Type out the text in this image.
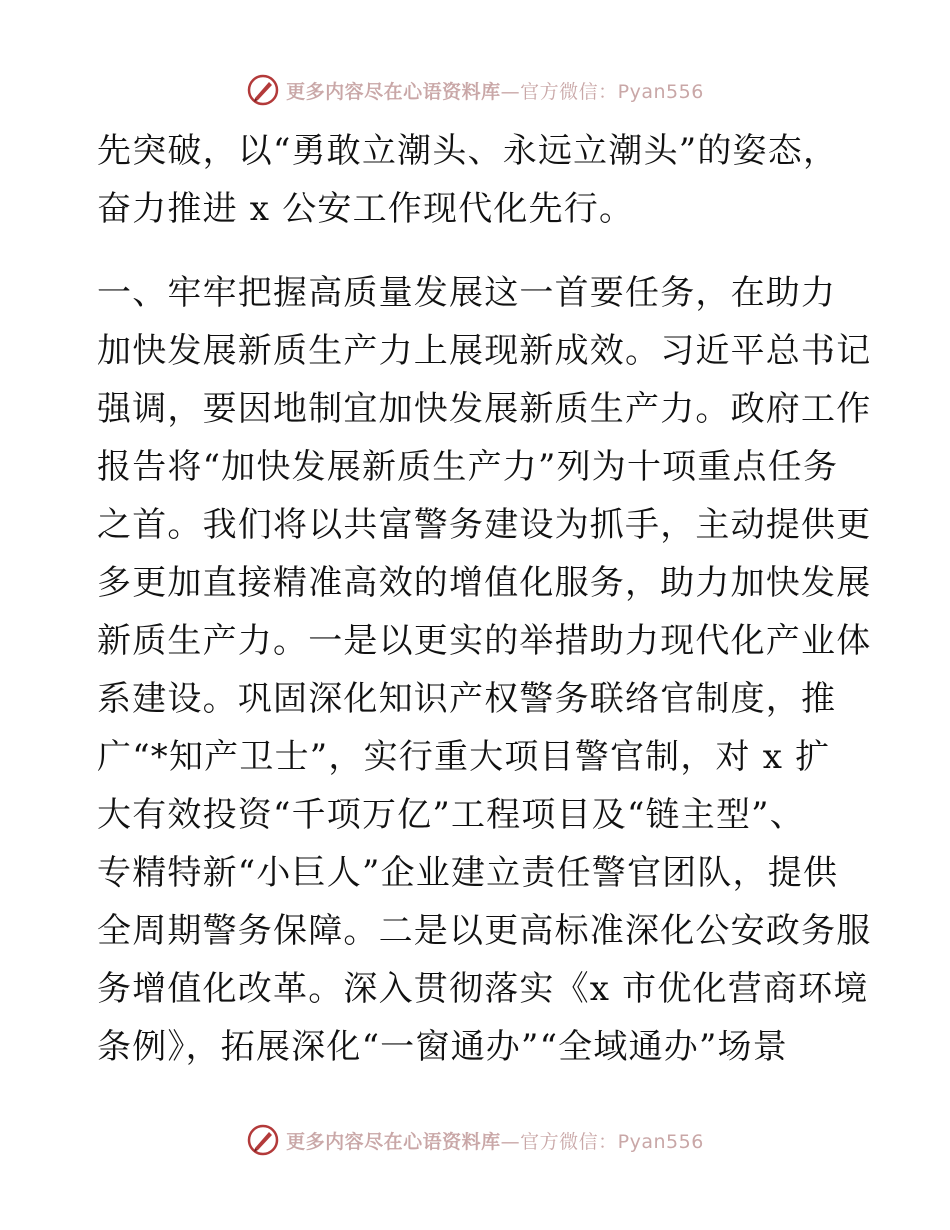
更多内容尽在心语资料库—官方微信：Pyan556
先突破，以“勇敢立潮头、永远立潮头”的姿态，
奋力推进 x 公安工作现代化先行。
一、牢牢把握高质量发展这一首要任务，在助力
加快发展新质生产力上展现新成效。习近平总书记
强调，要因地制宜加快发展新质生产力。政府工作
报告将“加快发展新质生产力”列为十项重点任务
之首。我们将以共富警务建设为抓手，主动提供更
多更加直接精准高效的增值化服务，助力加快发展
新质生产力。一是以更实的举措助力现代化产业体
系建设。巩固深化知识产权警务联络官制度，推
广“*知产卫士”，实行重大项目警官制，对 x 扩
大有效投资“千项万亿”工程项目及“链主型”、
专精特新“小巨人”企业建立责任警官团队，提供
全周期警务保障。二是以更高标准深化公安政务服
务增值化改革。深入贯彻落实《x 市优化营商环境
条例》，拓展深化“一窗通办”“全域通办”场景
更多内容尽在心语资料库—官方微信：Pyan556
